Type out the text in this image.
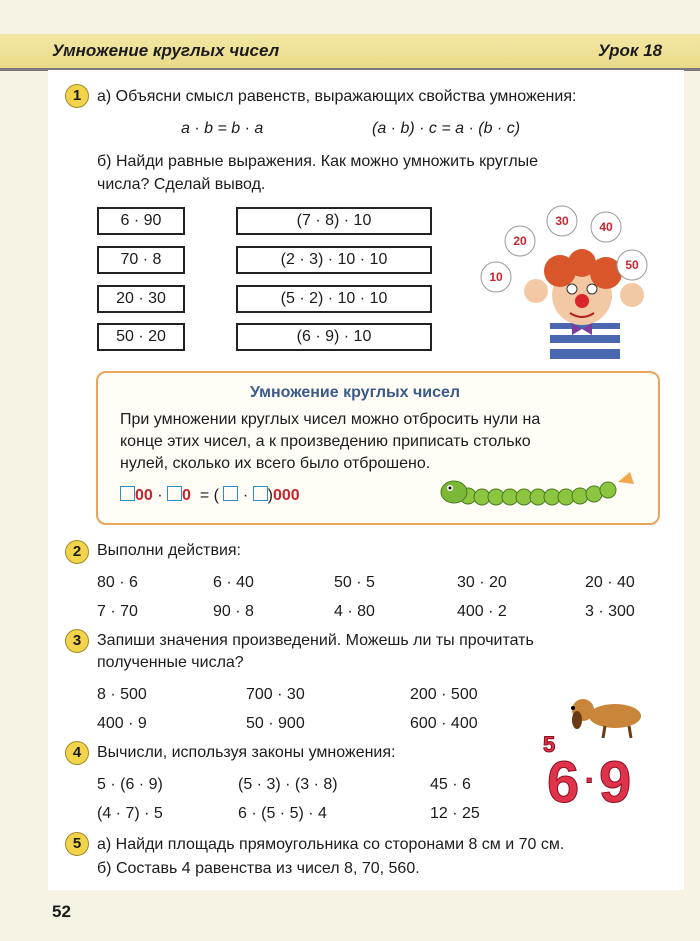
Умножение круглых чисел	Урок 18
1 а) Объясни смысл равенств, выражающих свойства умножения:
a · b = b · a	(a · b) · c = a · (b · c)
б) Найди равные выражения. Как можно умножить круглые
числа? Сделай вывод.
6 · 90
70 · 8
20 · 30
50 · 20
(7 · 8) · 10
(2 · 3) · 10 · 10
(5 · 2) · 10 · 10
(6 · 9) · 10
10
20
30	40
50
Умножение круглых чисел
При умножении круглых чисел можно отбросить нули на
конце этих чисел, а к произведению приписать столько
нулей, сколько их всего было отброшено.
00 · 0 = ( · )000
2 Выполни действия:
80 · 6	6 · 40	50 · 5	30 · 20	20 · 40
7 · 70	90 · 8	4 · 80	400 · 2	3 · 300
3 Запиши значения произведений. Можешь ли ты прочитать
полученные числа?
8 · 500	700 · 30	200 · 500
400 · 9	50 · 900	600 · 400
5
6 · 9
4 Вычисли, используя законы умножения:
5 · (6 · 9)	(5 · 3) · (3 · 8)	45 · 6
(4 · 7) · 5	6 · (5 · 5) · 4	12 · 25
5 а) Найди площадь прямоугольника со сторонами 8 см и 70 см.
б) Составь 4 равенства из чисел 8, 70, 560.
52
